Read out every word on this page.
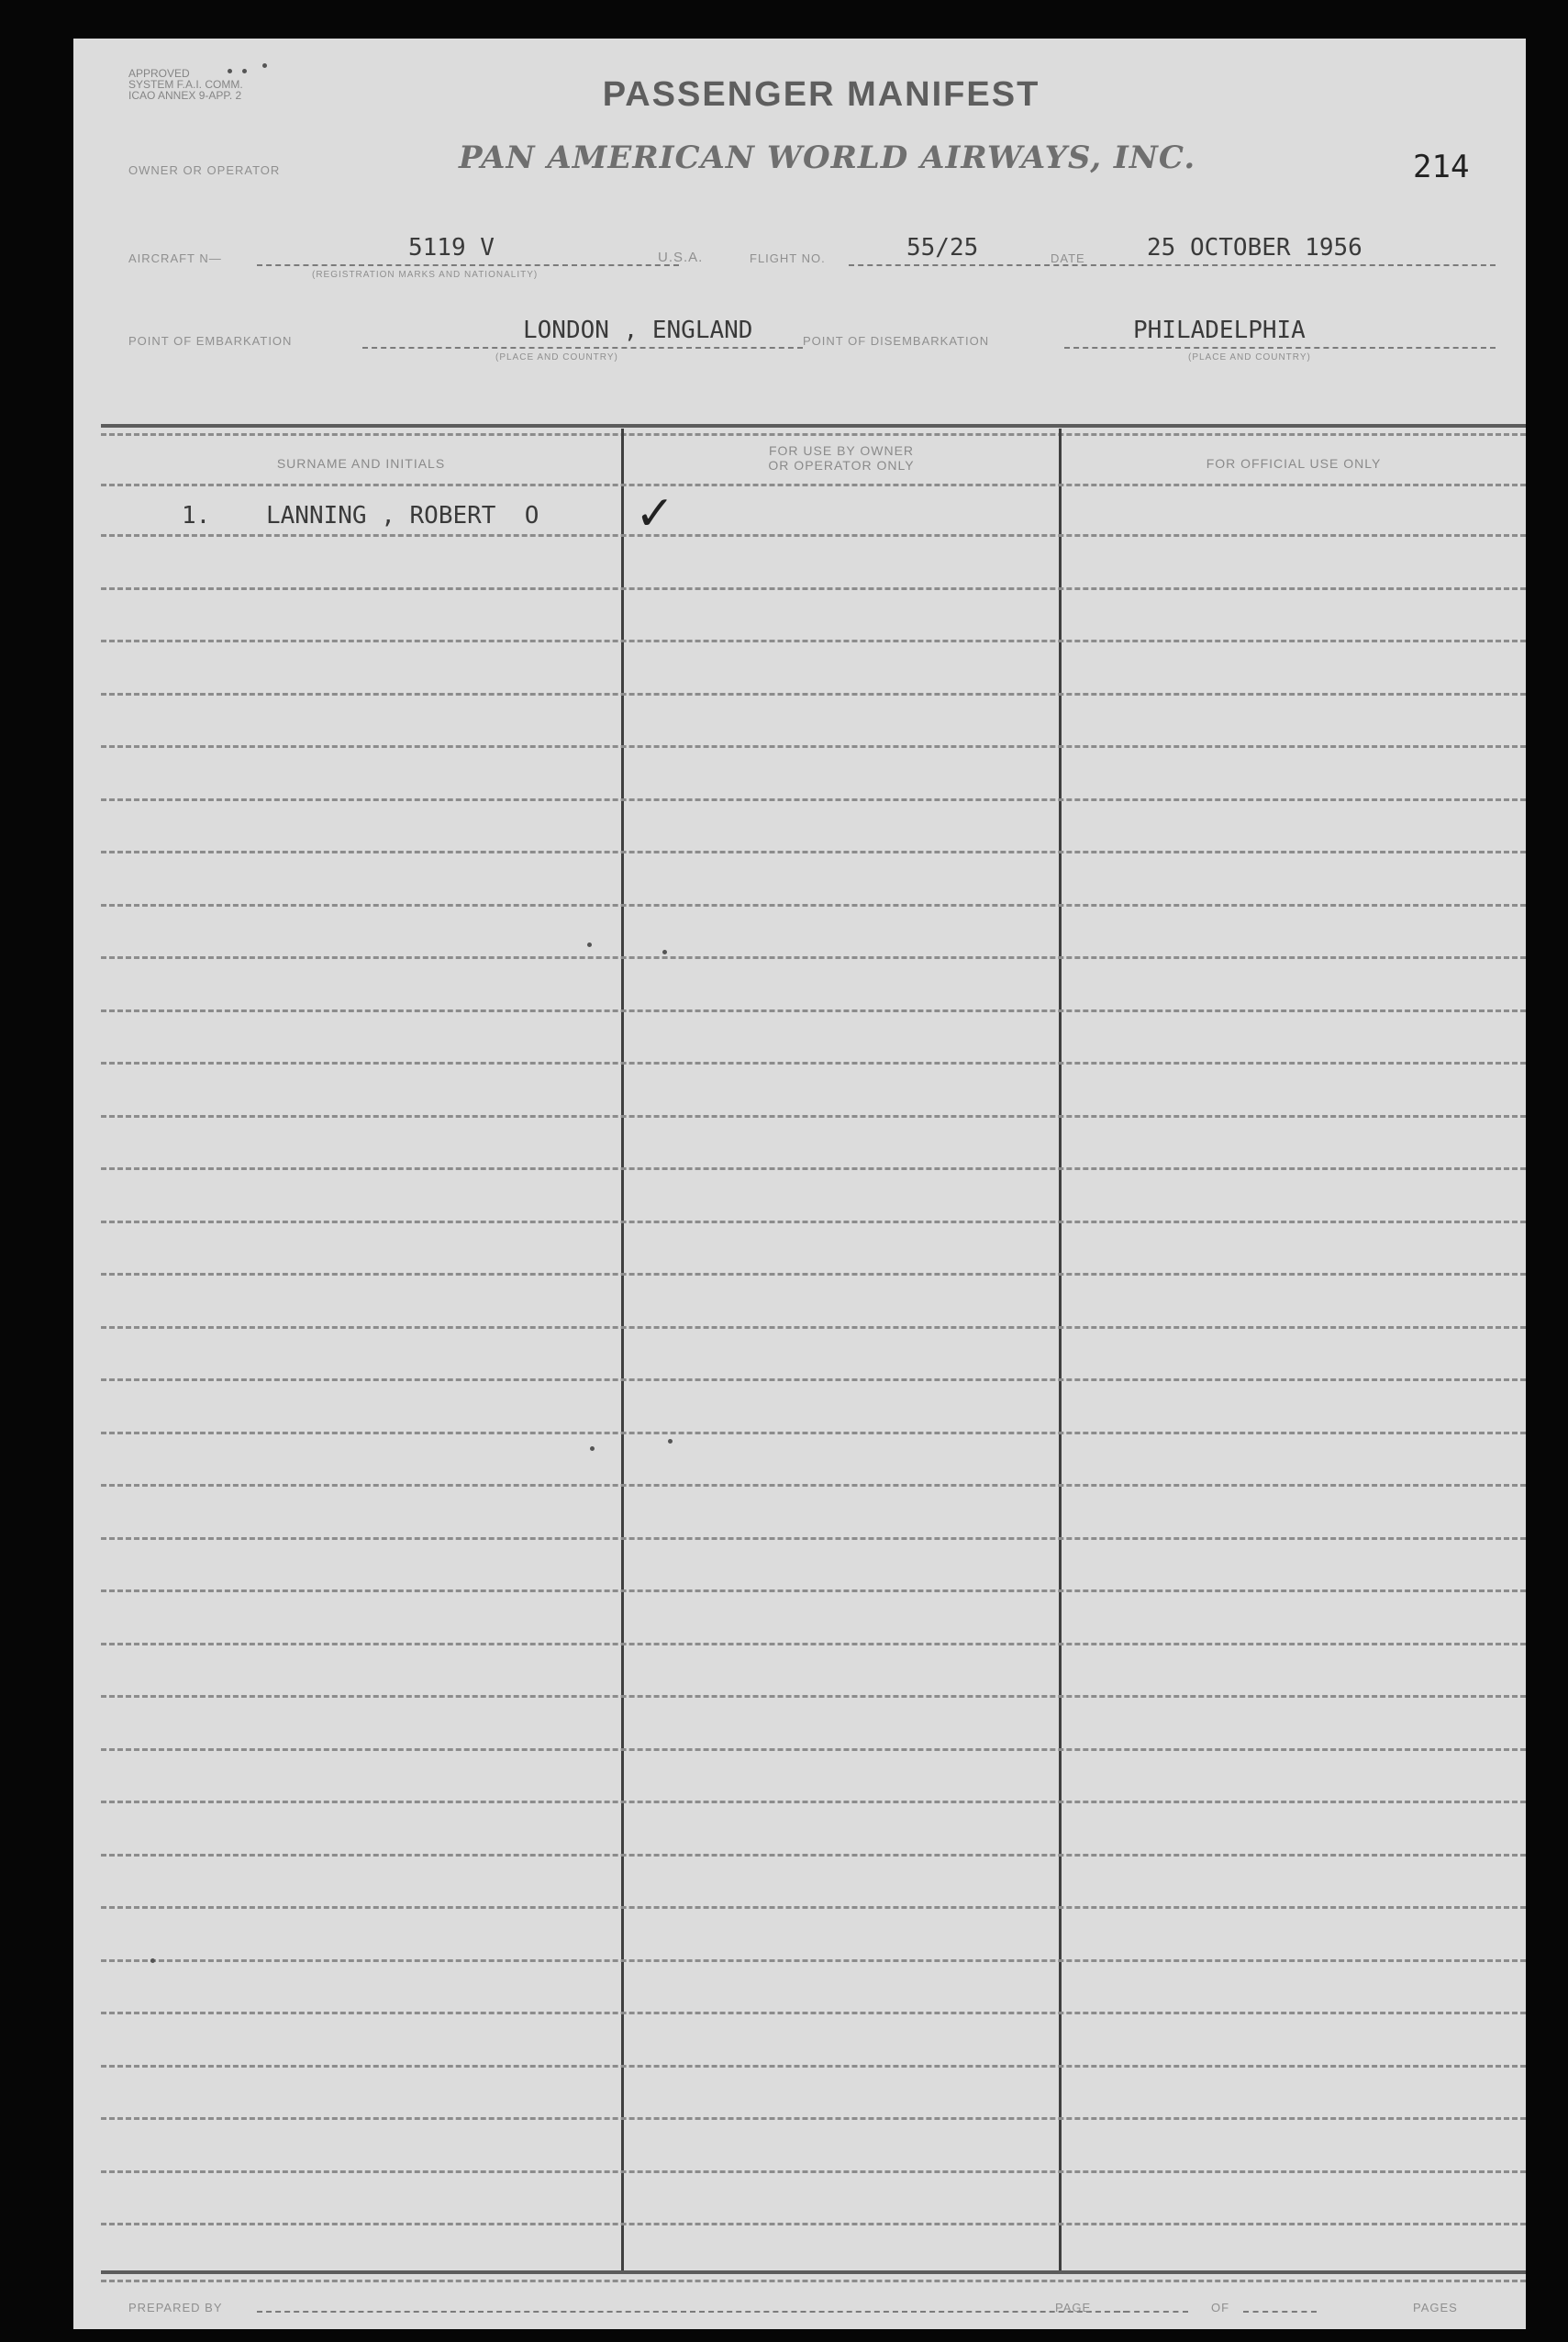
APPROVED
SYSTEM F.A.I. COMM.
ICAO ANNEX 9-APP. 2	PASSENGER MANIFEST
OWNER OR OPERATOR	PAN AMERICAN WORLD AIRWAYS, INC.	214
AIRCRAFT N—	5119 V
(REGISTRATION MARKS AND NATIONALITY)
U.S.A.	FLIGHT NO.	55/25	DATE	25 OCTOBER 1956
POINT OF EMBARKATION	LONDON , ENGLAND
(PLACE AND COUNTRY)
POINT OF DISEMBARKATION	PHILADELPHIA
(PLACE AND COUNTRY)
SURNAME AND INITIALS
FOR USE BY OWNER
OR OPERATOR ONLY	FOR OFFICIAL USE ONLY
1. LANNING , ROBERT  O ✓
PREPARED BY	PAGE	OF	PAGES
